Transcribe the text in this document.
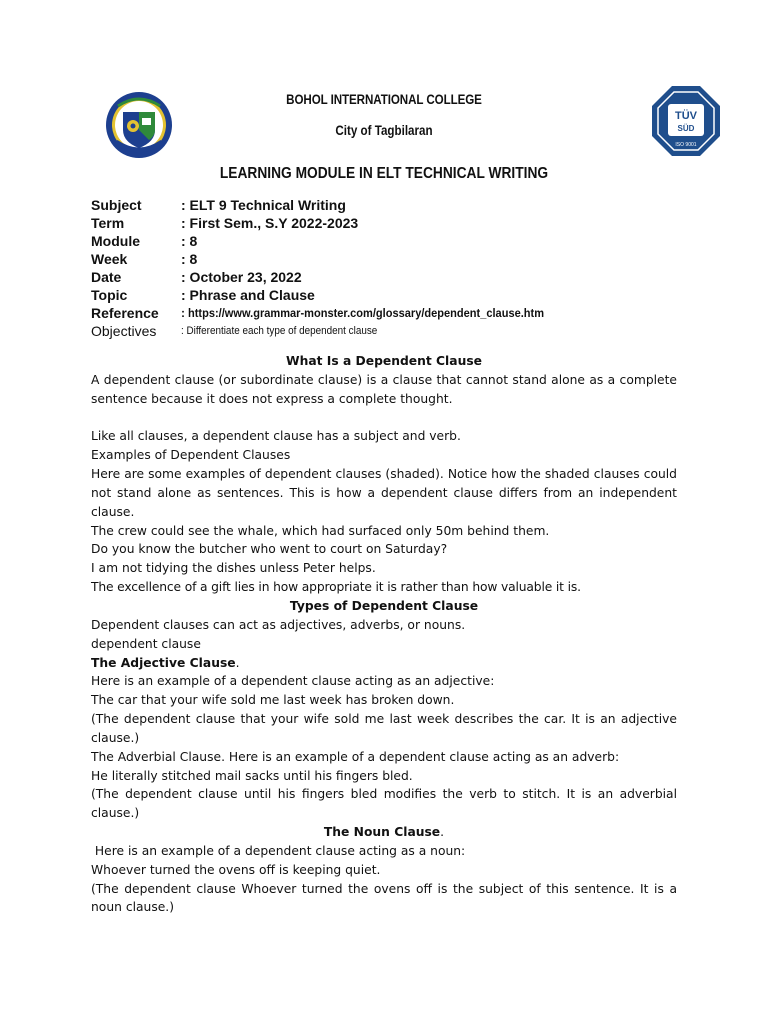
TÜV
SÜD
ISO 9001
BOHOL INTERNATIONAL COLLEGE
City of Tagbilaran
LEARNING MODULE IN ELT TECHNICAL WRITING
Subject	: ELT 9 Technical Writing
Term	: First Sem., S.Y 2022-2023
Module	: 8
Week	: 8
Date	: October 23, 2022
Topic	: Phrase and Clause
Reference : https://www.grammar-monster.com/glossary/dependent_clause.htm
Objectives : Differentiate each type of dependent clause

What Is a Dependent Clause

A dependent clause (or subordinate clause) is a clause that cannot stand alone as a complete sentence because it does not express a complete thought.

Like all clauses, a dependent clause has a subject and verb.

Examples of Dependent Clauses

Here are some examples of dependent clauses (shaded). Notice how the shaded clauses could not stand alone as sentences. This is how a dependent clause differs from an independent clause.

The crew could see the whale, which had surfaced only 50m behind them.

Do you know the butcher who went to court on Saturday?

I am not tidying the dishes unless Peter helps.

The excellence of a gift lies in how appropriate it is rather than how valuable it is.

Types of Dependent Clause

Dependent clauses can act as adjectives, adverbs, or nouns.

dependent clause

The Adjective Clause.

Here is an example of a dependent clause acting as an adjective:

The car that your wife sold me last week has broken down.

(The dependent clause that your wife sold me last week describes the car. It is an adjective clause.)

The Adverbial Clause. Here is an example of a dependent clause acting as an adverb:

He literally stitched mail sacks until his fingers bled.

(The dependent clause until his fingers bled modifies the verb to stitch. It is an adverbial clause.)

The Noun Clause.

Here is an example of a dependent clause acting as a noun:

Whoever turned the ovens off is keeping quiet.

(The dependent clause Whoever turned the ovens off is the subject of this sentence. It is a noun clause.)
